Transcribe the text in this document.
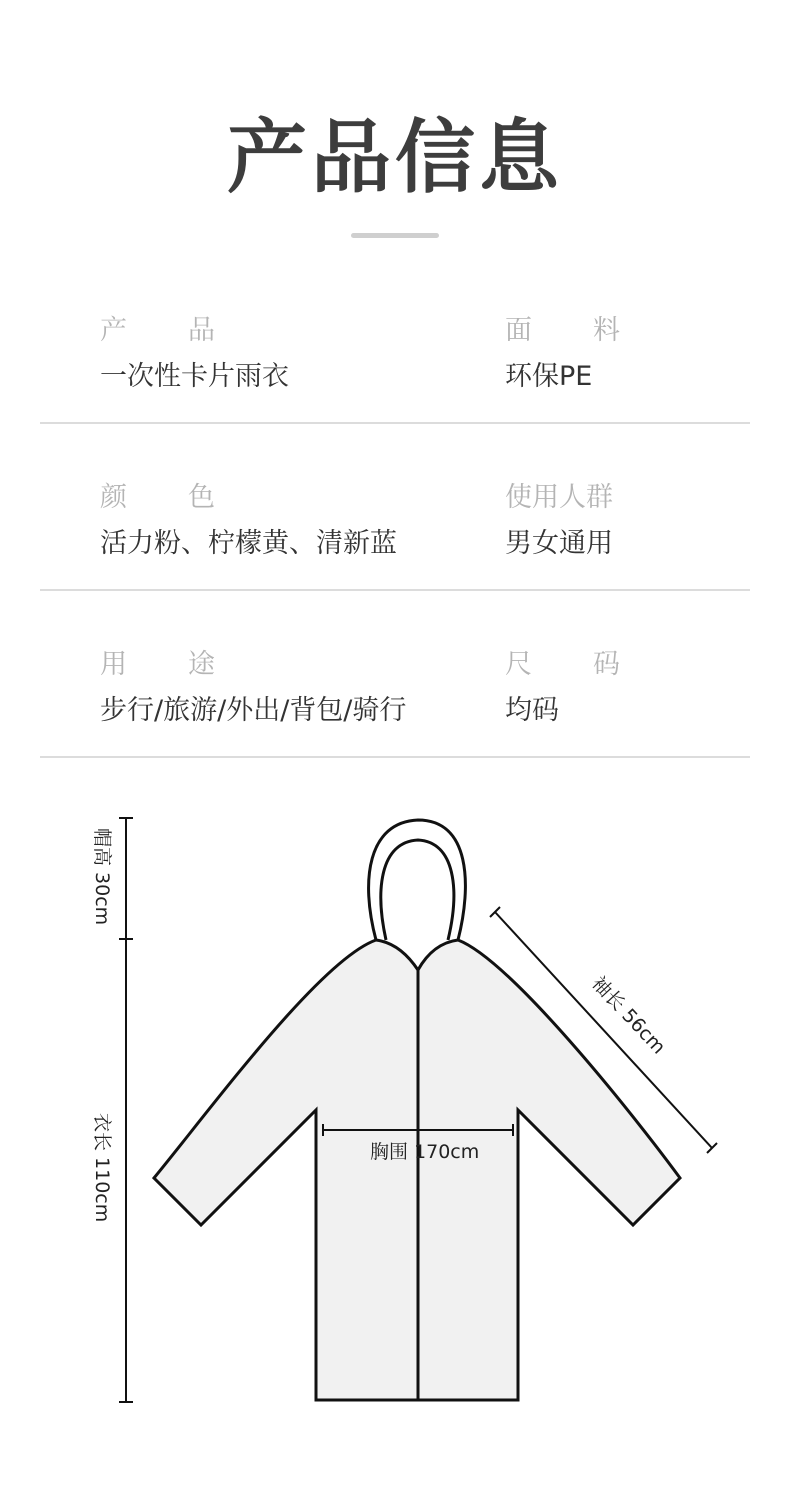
产品信息
产 品
一次性卡片雨衣
面 料
环保PE
颜 色
活力粉、柠檬黄、清新蓝
使用人群
男女通用
用 途
步行/旅游/外出/背包/骑行
尺 码
均码
帽高 30cm
衣长 110cm
袖长 56cm
胸围 170cm
